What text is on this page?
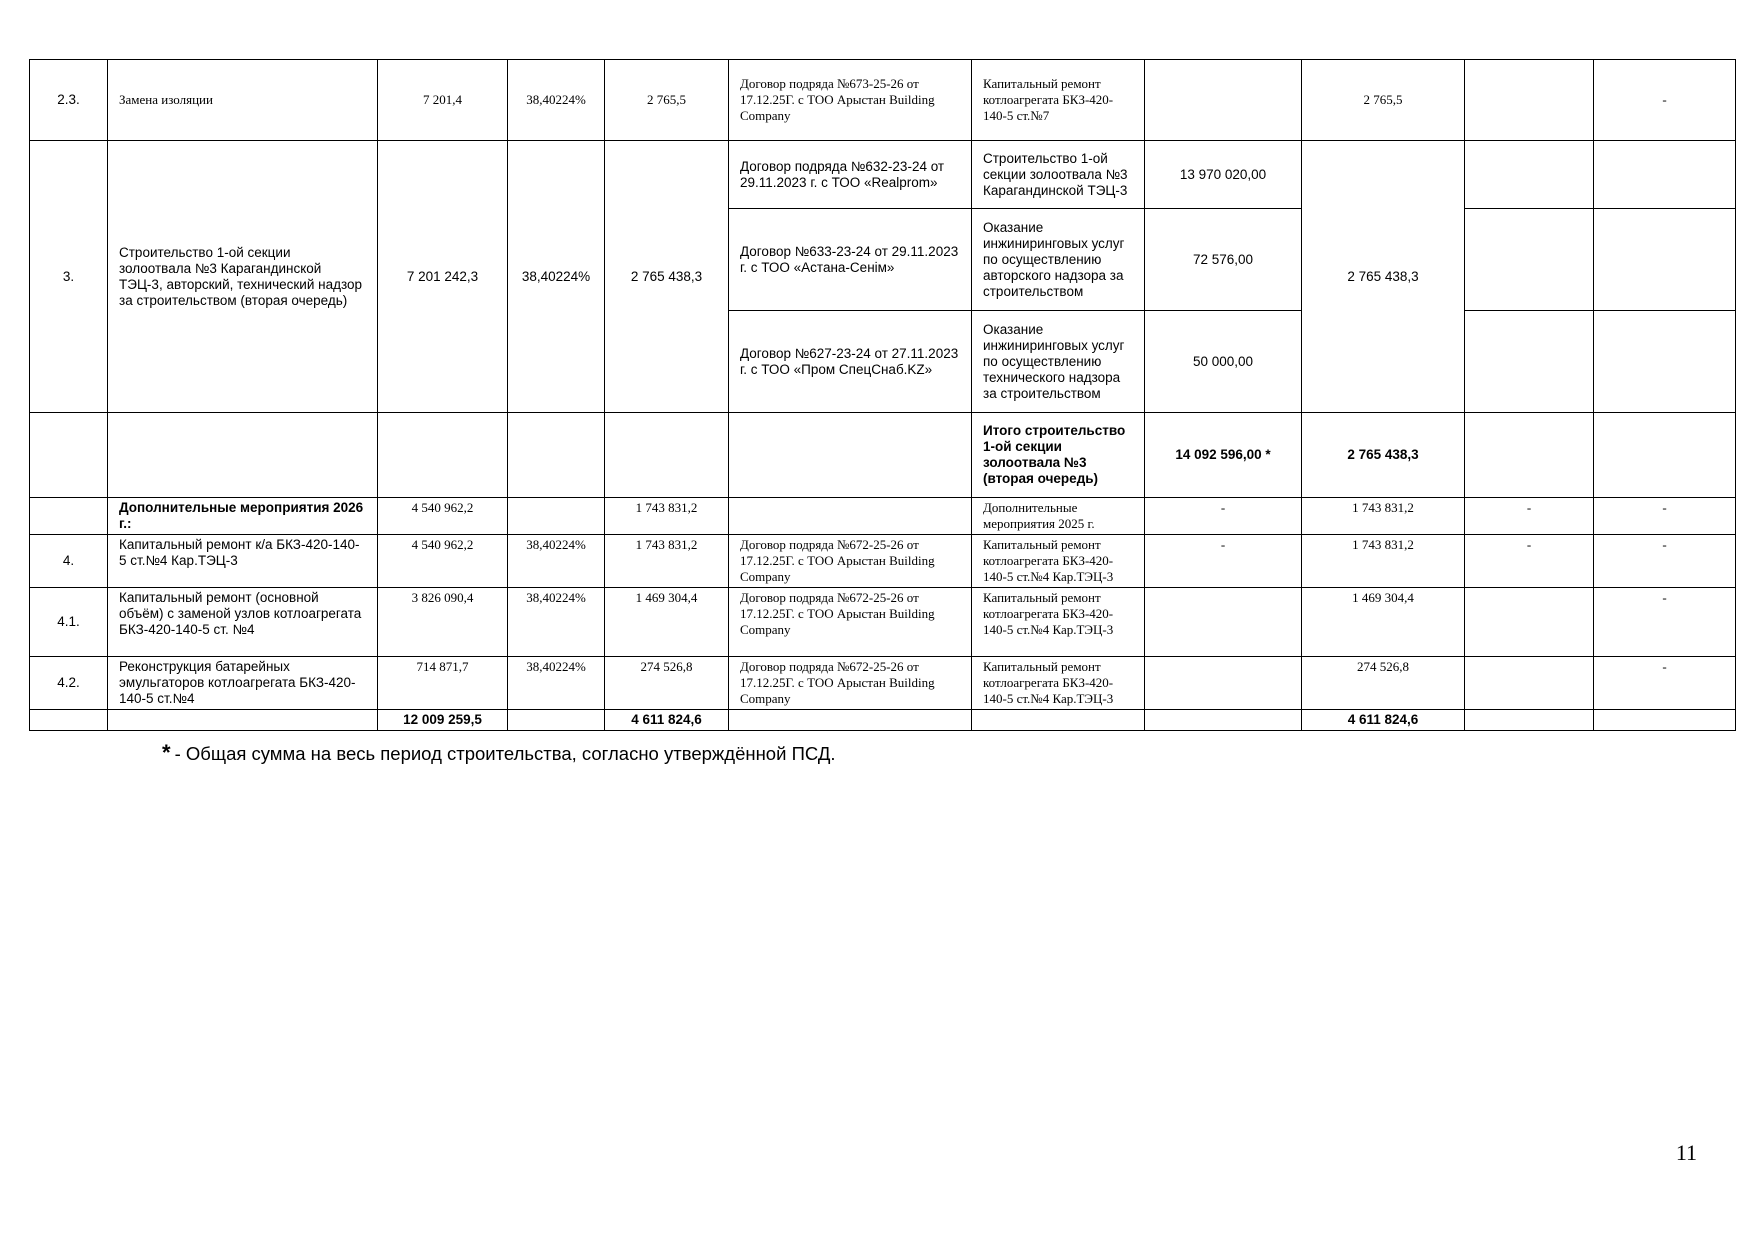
2.3.	Замена изоляции	7 201,4	38,40224%	2 765,5	Договор подряда №673-25-26 от 17.12.25Г. с ТОО Арыстан Building Company	Капитальный ремонт котлоагрегата БКЗ-420-140-5 ст.№7		2 765,5		-
3.	Строительство 1-ой секции золоотвала №3 Карагандинской ТЭЦ-3, авторский, технический надзор за строительством (вторая очередь)	7 201 242,3	38,40224%	2 765 438,3	Договор подряда №632-23-24 от 29.11.2023 г. с ТОО «Realprom»	Строительство 1-ой секции золоотвала №3 Карагандинской ТЭЦ-3	13 970 020,00	2 765 438,3		
					Договор №633-23-24 от 29.11.2023 г. с ТОО «Астана-Сенім»	Оказание инжиниринговых услуг по осуществлению авторского надзора за строительством	72 576,00			
					Договор №627-23-24 от 27.11.2023 г. с ТОО «Пром СпецСнаб.KZ»	Оказание инжиниринговых услуг по осуществлению технического надзора за строительством	50 000,00			
						Итого строительство 1-ой секции золоотвала №3 (вторая очередь)	14 092 596,00 *	2 765 438,3		
	Дополнительные мероприятия 2026 г.:	4 540 962,2		1 743 831,2		Дополнительные мероприятия 2025 г.	-	1 743 831,2	-	-
4.	Капитальный ремонт к/а БКЗ-420-140-5 ст.№4 Кар.ТЭЦ-3	4 540 962,2	38,40224%	1 743 831,2	Договор подряда №672-25-26 от 17.12.25Г. с ТОО Арыстан Building Company	Капитальный ремонт котлоагрегата БКЗ-420-140-5 ст.№4 Кар.ТЭЦ-3	-	1 743 831,2	-	-
4.1.	Капитальный ремонт (основной объём) с заменой узлов котлоагрегата БКЗ-420-140-5 ст. №4	3 826 090,4	38,40224%	1 469 304,4	Договор подряда №672-25-26 от 17.12.25Г. с ТОО Арыстан Building Company	Капитальный ремонт котлоагрегата БКЗ-420-140-5 ст.№4 Кар.ТЭЦ-3		1 469 304,4		-
4.2.	Реконструкция батарейных эмульгаторов котлоагрегата БКЗ-420-140-5 ст.№4	714 871,7	38,40224%	274 526,8	Договор подряда №672-25-26 от 17.12.25Г. с ТОО Арыстан Building Company	Капитальный ремонт котлоагрегата БКЗ-420-140-5 ст.№4 Кар.ТЭЦ-3		274 526,8		-
		12 009 259,5		4 611 824,6				4 611 824,6		
* - Общая сумма на весь период строительства, согласно утверждённой ПСД.
11
